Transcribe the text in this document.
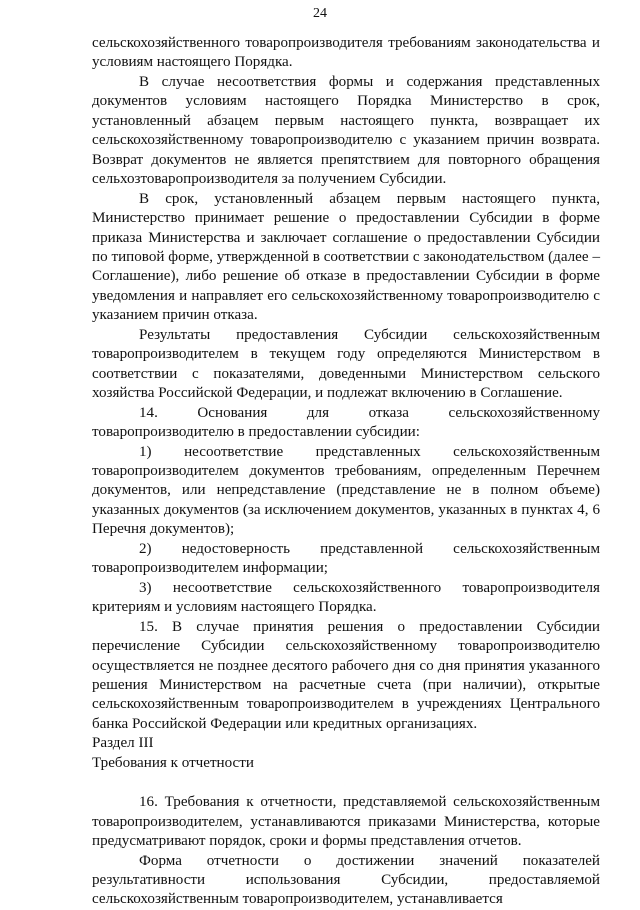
24

сельскохозяйственного товаропроизводителя требованиям законодательства и условиям настоящего Порядка.

В случае несоответствия формы и содержания представленных документов условиям настоящего Порядка Министерство в срок, установленный абзацем первым настоящего пункта, возвращает их сельскохозяйственному товаропроизводителю с указанием причин возврата. Возврат документов не является препятствием для повторного обращения сельхозтоваропроизводителя за получением Субсидии.

В срок, установленный абзацем первым настоящего пункта, Министерство принимает решение о предоставлении Субсидии в форме приказа Министерства и заключает соглашение о предоставлении Субсидии по типовой форме, утвержденной в соответствии с законодательством (далее – Соглашение), либо решение об отказе в предоставлении Субсидии в форме уведомления и направляет его сельскохозяйственному товаропроизводителю с указанием причин отказа.

Результаты предоставления Субсидии сельскохозяйственным товаропроизводителем в текущем году определяются Министерством в соответствии с показателями, доведенными Министерством сельского хозяйства Российской Федерации, и подлежат включению в Соглашение.

14. Основания для отказа сельскохозяйственному товаропроизводителю в предоставлении субсидии:

1) несоответствие представленных сельскохозяйственным товаропроизводителем документов требованиям, определенным Перечнем документов, или непредставление (представление не в полном объеме) указанных документов (за исключением документов, указанных в пунктах 4, 6 Перечня документов);

2) недостоверность представленной сельскохозяйственным товаропроизводителем информации;

3) несоответствие сельскохозяйственного товаропроизводителя критериям и условиям настоящего Порядка.

15. В случае принятия решения о предоставлении Субсидии перечисление Субсидии сельскохозяйственному товаропроизводителю осуществляется не позднее десятого рабочего дня со дня принятия указанного решения Министерством на расчетные счета (при наличии), открытые сельскохозяйственным товаропроизводителем в учреждениях Центрального банка Российской Федерации или кредитных организациях.

Раздел III

Требования к отчетности

16. Требования к отчетности, представляемой сельскохозяйственным товаропроизводителем, устанавливаются приказами Министерства, которые предусматривают порядок, сроки и формы представления отчетов.

Форма отчетности о достижении значений показателей результативности использования Субсидии, предоставляемой сельскохозяйственным товаропроизводителем, устанавливается
